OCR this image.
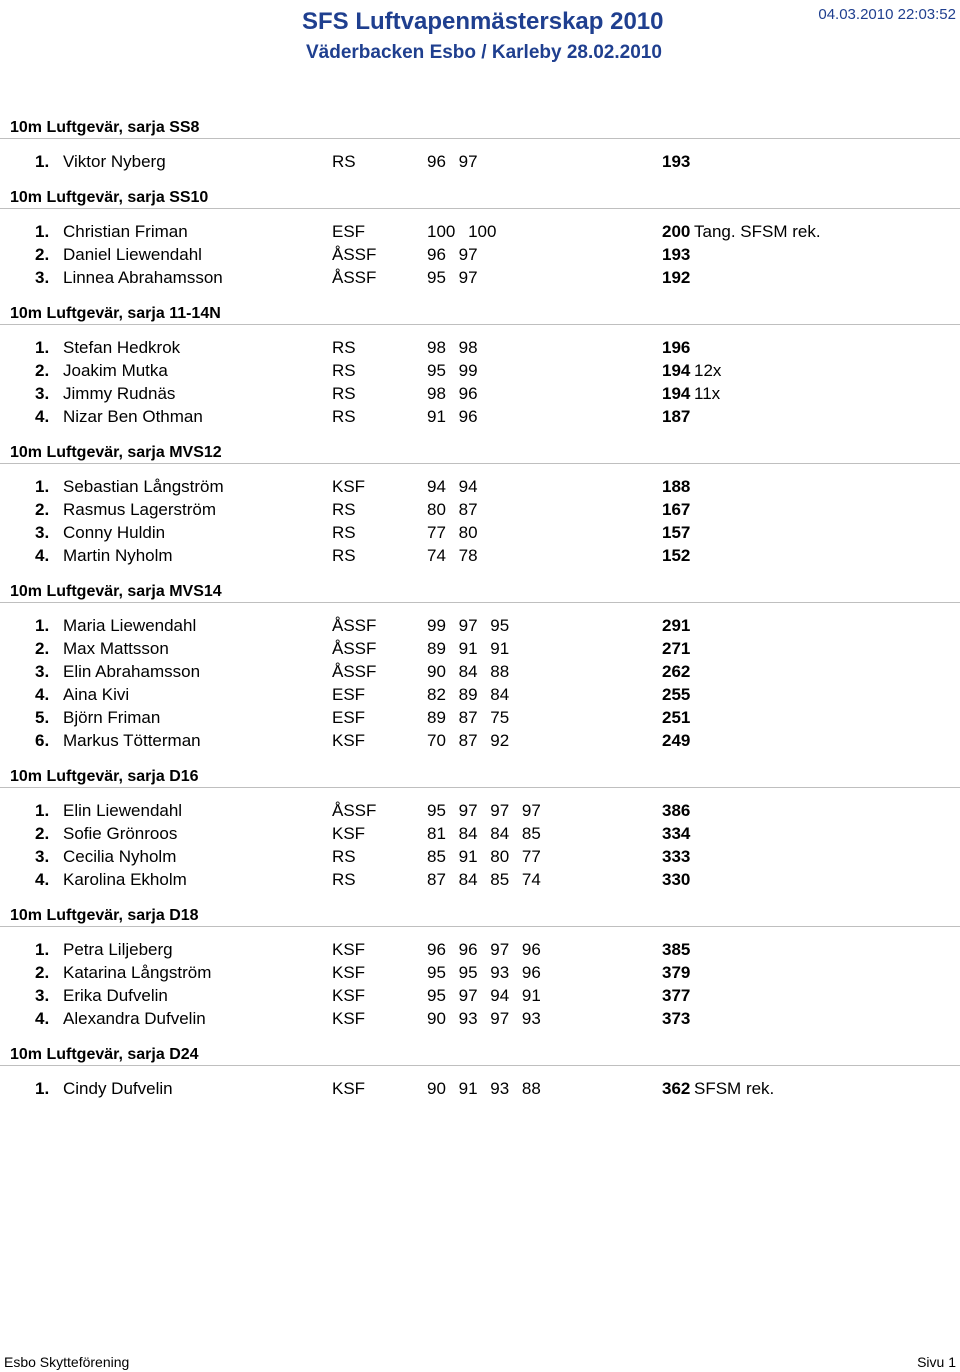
SFS Luftvapenmästerskap 2010
Väderbacken Esbo / Karleby 28.02.2010
04.03.2010 22:03:52
10m Luftgevär, sarja SS8
1. Viktor Nyberg	RS	96 97	193
10m Luftgevär, sarja SS10
1. Christian Friman	ESF	100 100	200 Tang. SFSM rek.
2. Daniel Liewendahl	ÅSSF	96 97	193
3. Linnea Abrahamsson	ÅSSF	95 97	192
10m Luftgevär, sarja 11-14N
1. Stefan Hedkrok	RS	98 98	196
2. Joakim Mutka	RS	95 99	194 12x
3. Jimmy Rudnäs	RS	98 96	194 11x
4. Nizar Ben Othman	RS	91 96	187
10m Luftgevär, sarja MVS12
1. Sebastian Långström	KSF	94 94	188
2. Rasmus Lagerström	RS	80 87	167
3. Conny Huldin	RS	77 80	157
4. Martin Nyholm	RS	74 78	152
10m Luftgevär, sarja MVS14
1. Maria Liewendahl	ÅSSF	99 97 95	291
2. Max Mattsson	ÅSSF	89 91 91	271
3. Elin Abrahamsson	ÅSSF	90 84 88	262
4. Aina Kivi	ESF	82 89 84	255
5. Björn Friman	ESF	89 87 75	251
6. Markus Tötterman	KSF	70 87 92	249
10m Luftgevär, sarja D16
1. Elin Liewendahl	ÅSSF	95 97 97 97	386
2. Sofie Grönroos	KSF	81 84 84 85	334
3. Cecilia Nyholm	RS	85 91 80 77	333
4. Karolina Ekholm	RS	87 84 85 74	330
10m Luftgevär, sarja D18
1. Petra Liljeberg	KSF	96 96 97 96	385
2. Katarina Långström	KSF	95 95 93 96	379
3. Erika Dufvelin	KSF	95 97 94 91	377
4. Alexandra Dufvelin	KSF	90 93 97 93	373
10m Luftgevär, sarja D24
1. Cindy Dufvelin	KSF	90 91 93 88	362 SFSM rek.
Esbo Skytteförening	Sivu 1
